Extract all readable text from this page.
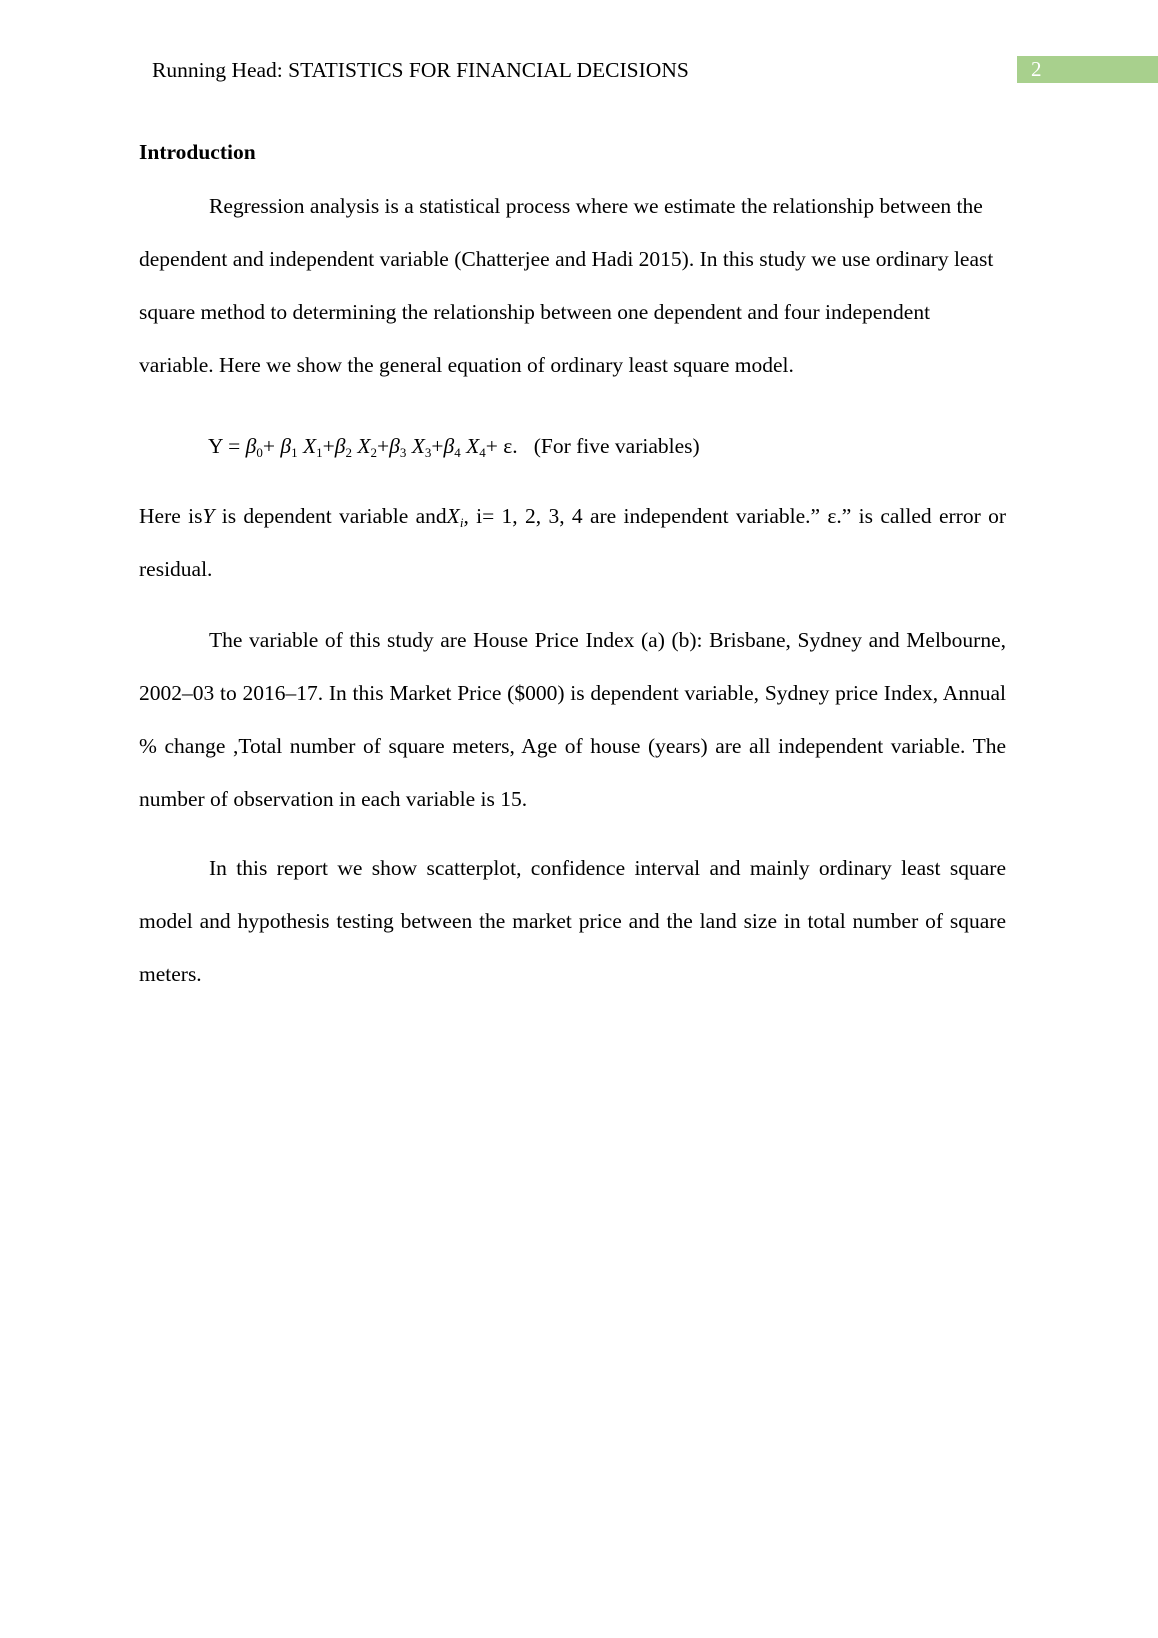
Running Head: STATISTICS FOR FINANCIAL DECISIONS	2
Introduction
Regression analysis is a statistical process where we estimate the relationship between the dependent and independent variable (Chatterjee and Hadi 2015). In this study we use ordinary least square method to determining the relationship between one dependent and four independent variable. Here we show the general equation of ordinary least square model.
$Y = \beta_0+ \beta_1$ $X_1+\beta_2$ $X_2+\beta_3$ $X_3+\beta_4$ $X_4+ \varepsilon$. (For five variables)
Here isY is dependent variable andX$_i$, i= 1, 2, 3, 4 are independent variable.” ε.” is called error or residual.
The variable of this study are House Price Index (a) (b): Brisbane, Sydney and Melbourne, 2002–03 to 2016–17. In this Market Price ($000) is dependent variable, Sydney price Index, Annual % change ,Total number of square meters, Age of house (years) are all independent variable. The number of observation in each variable is 15.
In this report we show scatterplot, confidence interval and mainly ordinary least square model and hypothesis testing between the market price and the land size in total number of square meters.
